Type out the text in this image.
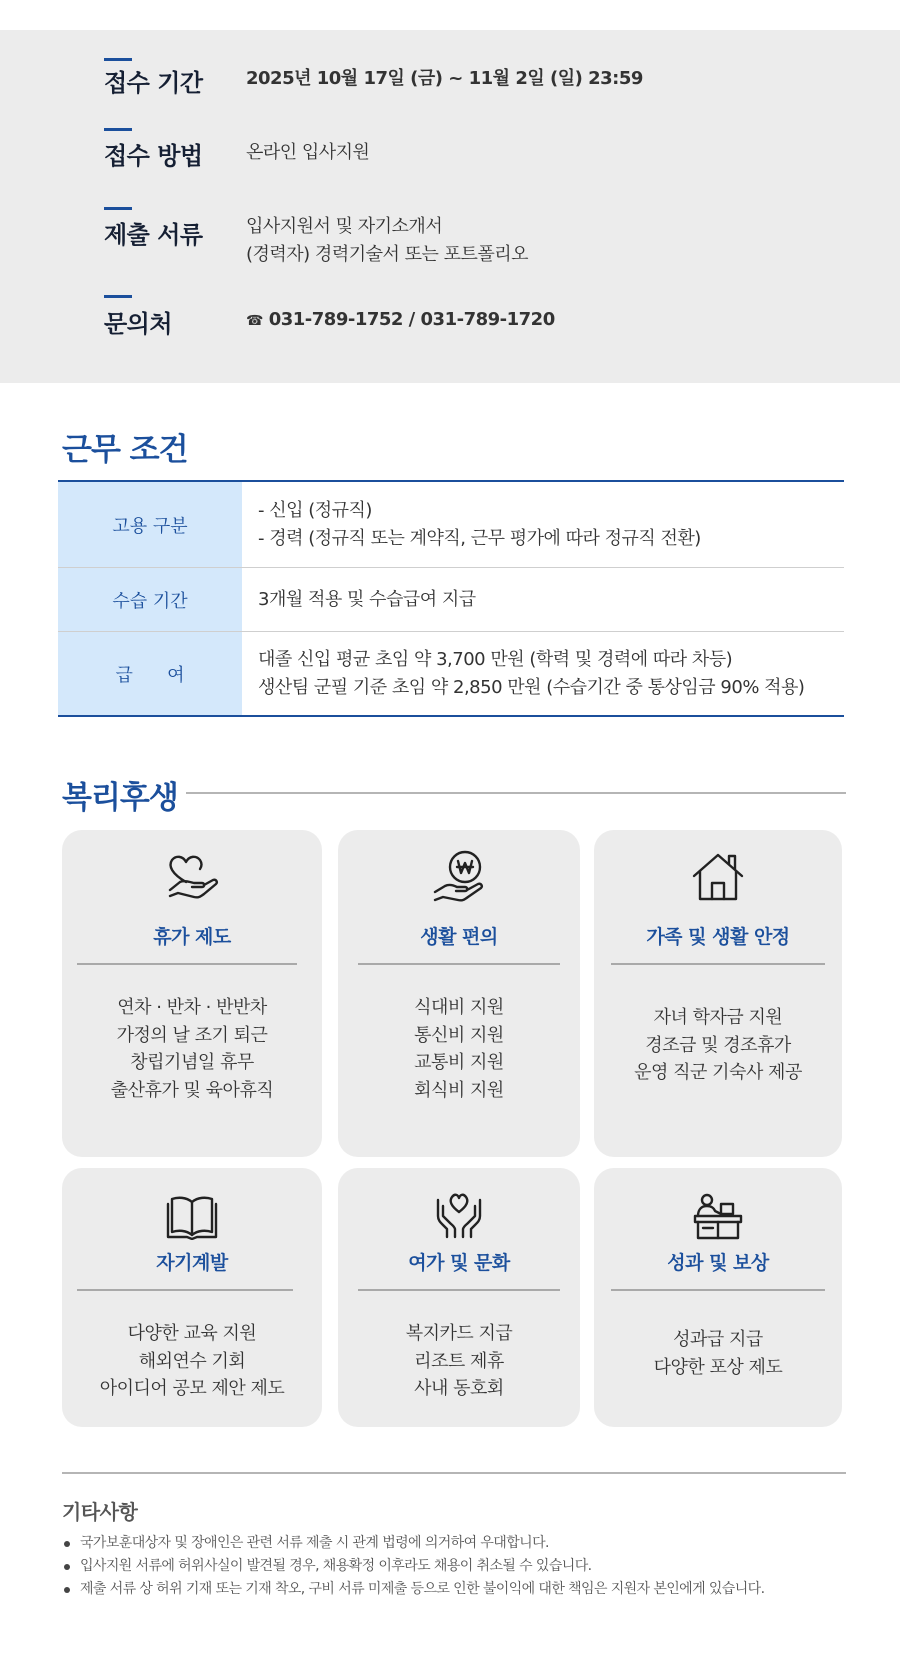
접수 기간 2025년 10월 17일 (금) ~ 11월 2일 (일) 23:59
접수 방법 온라인 입사지원
제출 서류 입사지원서 및 자기소개서
(경력자) 경력기술서 또는 포트폴리오
문의처	☎ 031-789-1752 / 031-789-1720
근무 조건
고용 구분
- 신입 (정규직)
- 경력 (정규직 또는 계약직, 근무 평가에 따라 정규직 전환)
수습 기간	3개월 적용 및 수습급여 지급
급      여
대졸 신입 평균 초임 약 3,700 만원 (학력 및 경력에 따라 차등)
생산팀 군필 기준 초임 약 2,850 만원 (수습기간 중 통상임금 90% 적용)
복리후생
휴가 제도
연차 · 반차 · 반반차
가정의 날 조기 퇴근
창립기념일 휴무
출산휴가 및 육아휴직
생활 편의
식대비 지원
통신비 지원
교통비 지원
회식비 지원
가족 및 생활 안정
자녀 학자금 지원
경조금 및 경조휴가
운영 직군 기숙사 제공
자기계발
다양한 교육 지원
해외연수 기회
아이디어 공모 제안 제도
여가 및 문화
복지카드 지급
리조트 제휴
사내 동호회
성과 및 보상
성과급 지급
다양한 포상 제도
기타사항
국가보훈대상자 및 장애인은 관련 서류 제출 시 관계 법령에 의거하여 우대합니다.
입사지원 서류에 허위사실이 발견될 경우, 채용확정 이후라도 채용이 취소될 수 있습니다.
제출 서류 상 허위 기재 또는 기재 착오, 구비 서류 미제출 등으로 인한 불이익에 대한 책임은 지원자 본인에게 있습니다.
